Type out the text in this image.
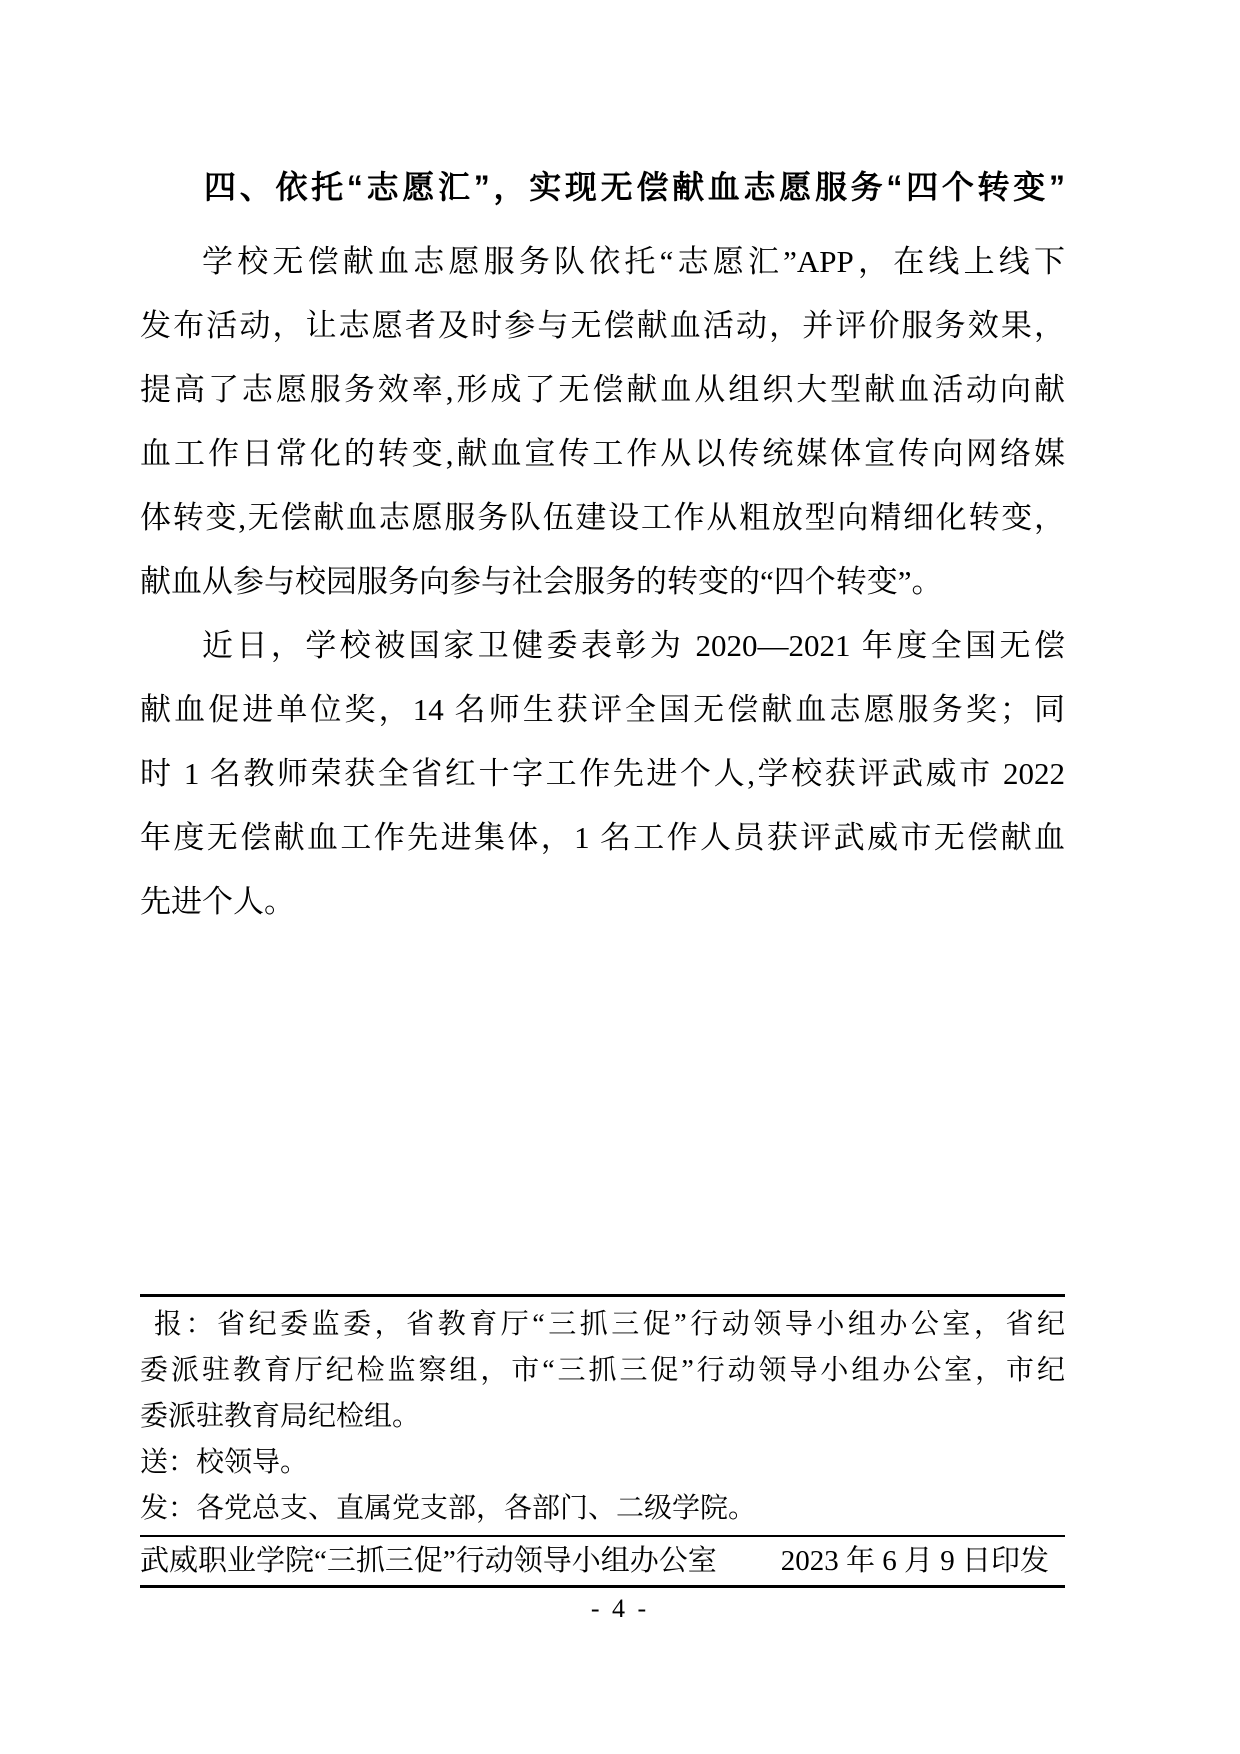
四、依托“志愿汇”，实现无偿献血志愿服务“四个转变”
学校无偿献血志愿服务队依托“志愿汇”APP，在线上线下
发布活动，让志愿者及时参与无偿献血活动，并评价服务效果，
提高了志愿服务效率,形成了无偿献血从组织大型献血活动向献
血工作日常化的转变,献血宣传工作从以传统媒体宣传向网络媒
体转变,无偿献血志愿服务队伍建设工作从粗放型向精细化转变，
献血从参与校园服务向参与社会服务的转变的“四个转变”。
近日，学校被国家卫健委表彰为 2020—2021 年度全国无偿
献血促进单位奖，14 名师生获评全国无偿献血志愿服务奖；同
时 1 名教师荣获全省红十字工作先进个人,学校获评武威市 2022
年度无偿献血工作先进集体，1 名工作人员获评武威市无偿献血
先进个人。
报：省纪委监委，省教育厅“三抓三促”行动领导小组办公室，省纪
委派驻教育厅纪检监察组，市“三抓三促”行动领导小组办公室，市纪
委派驻教育局纪检组。
送：校领导。
发：各党总支、直属党支部，各部门、二级学院。
武威职业学院“三抓三促”行动领导小组办公室 2023 年 6 月 9 日印发
- 4 -
